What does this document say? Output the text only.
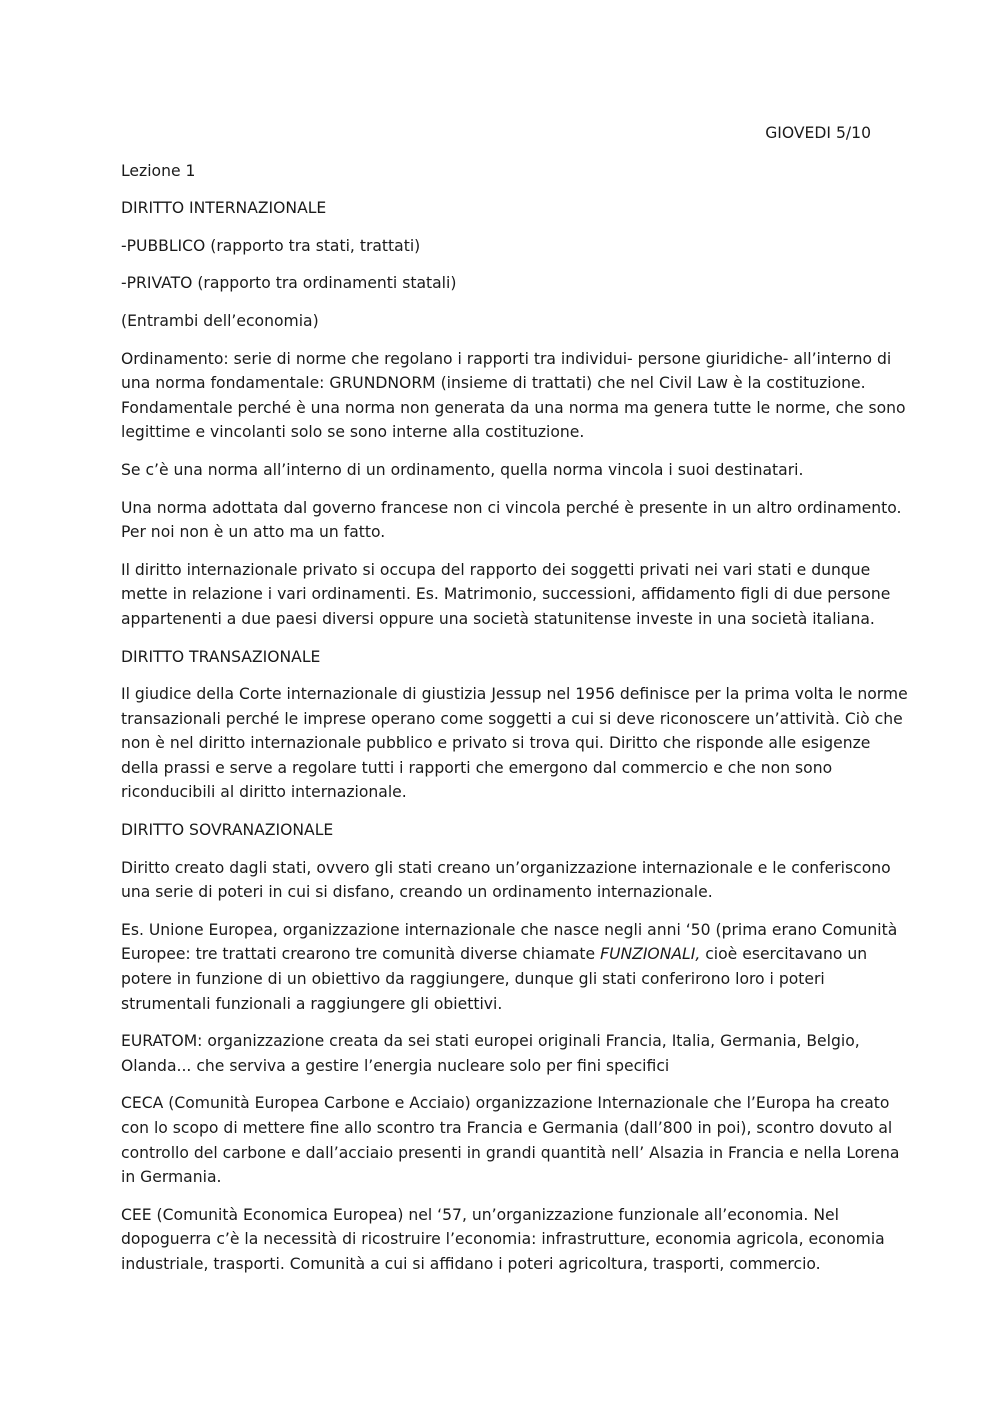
GIOVEDI 5/10

Lezione 1

DIRITTO INTERNAZIONALE

-PUBBLICO (rapporto tra stati, trattati)

-PRIVATO (rapporto tra ordinamenti statali)

(Entrambi dell’economia)

Ordinamento: serie di norme che regolano i rapporti tra individui- persone giuridiche- all’interno di
una norma fondamentale: GRUNDNORM (insieme di trattati) che nel Civil Law è la costituzione.
Fondamentale perché è una norma non generata da una norma ma genera tutte le norme, che sono
legittime e vincolanti solo se sono interne alla costituzione.

Se c’è una norma all’interno di un ordinamento, quella norma vincola i suoi destinatari.

Una norma adottata dal governo francese non ci vincola perché è presente in un altro ordinamento.
Per noi non è un atto ma un fatto.

Il diritto internazionale privato si occupa del rapporto dei soggetti privati nei vari stati e dunque
mette in relazione i vari ordinamenti. Es. Matrimonio, successioni, affidamento figli di due persone
appartenenti a due paesi diversi oppure una società statunitense investe in una società italiana.

DIRITTO TRANSAZIONALE

Il giudice della Corte internazionale di giustizia Jessup nel 1956 definisce per la prima volta le norme
transazionali perché le imprese operano come soggetti a cui si deve riconoscere un’attività. Ciò che
non è nel diritto internazionale pubblico e privato si trova qui. Diritto che risponde alle esigenze
della prassi e serve a regolare tutti i rapporti che emergono dal commercio e che non sono
riconducibili al diritto internazionale.

DIRITTO SOVRANAZIONALE

Diritto creato dagli stati, ovvero gli stati creano un’organizzazione internazionale e le conferiscono
una serie di poteri in cui si disfano, creando un ordinamento internazionale.

Es. Unione Europea, organizzazione internazionale che nasce negli anni ‘50 (prima erano Comunità
Europee: tre trattati crearono tre comunità diverse chiamate FUNZIONALI, cioè esercitavano un
potere in funzione di un obiettivo da raggiungere, dunque gli stati conferirono loro i poteri
strumentali funzionali a raggiungere gli obiettivi.

EURATOM: organizzazione creata da sei stati europei originali Francia, Italia, Germania, Belgio,
Olanda... che serviva a gestire l’energia nucleare solo per fini specifici

CECA (Comunità Europea Carbone e Acciaio) organizzazione Internazionale che l’Europa ha creato
con lo scopo di mettere fine allo scontro tra Francia e Germania (dall’800 in poi), scontro dovuto al
controllo del carbone e dall’acciaio presenti in grandi quantità nell’ Alsazia in Francia e nella Lorena
in Germania.

CEE (Comunità Economica Europea) nel ‘57, un’organizzazione funzionale all’economia. Nel
dopoguerra c’è la necessità di ricostruire l’economia: infrastrutture, economia agricola, economia
industriale, trasporti. Comunità a cui si affidano i poteri agricoltura, trasporti, commercio.
